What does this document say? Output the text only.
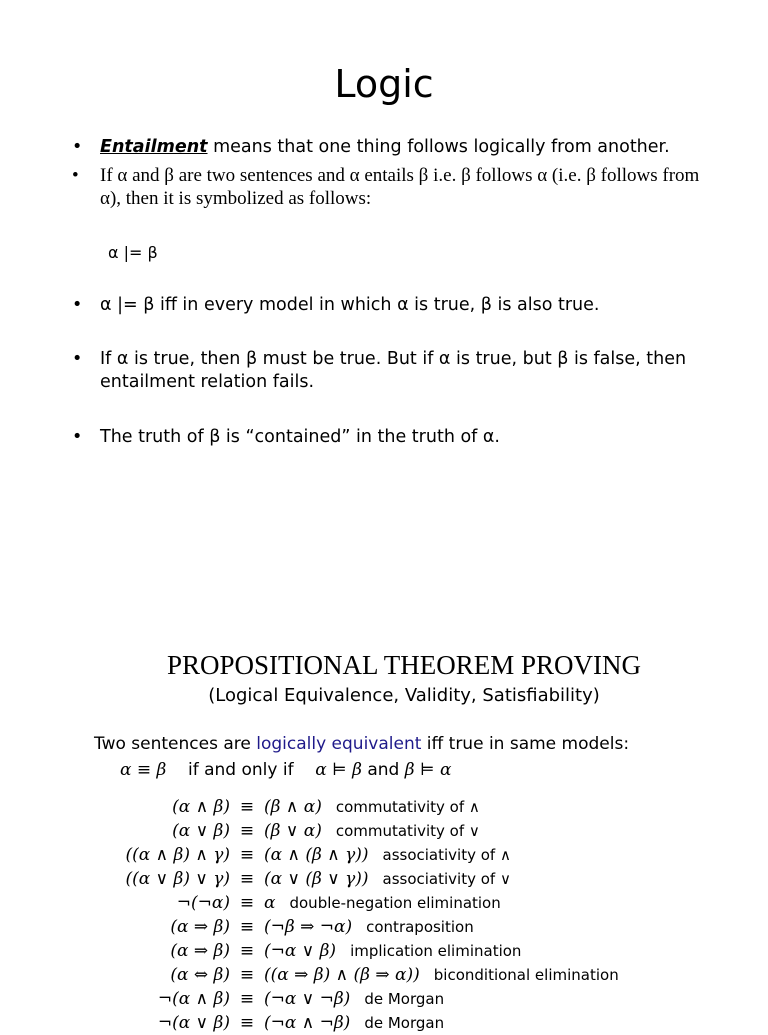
Logic
• Entailment means that one thing follows logically from another.
• If α and β are two sentences and α entails β i.e. β follows α (i.e. β follows from α), then it is symbolized as follows:
• α |= β iff in every model in which α is true, β is also true.
• If α is true, then β must be true. But if α is true, but β is false, then entailment relation fails.
• The truth of β is “contained” in the truth of α.
α |= β
PROPOSITIONAL THEOREM PROVING
(Logical Equivalence, Validity, Satisfiability)
Two sentences are logically equivalent iff true in same models:
α ≡ β if and only if α ⊨ β and β ⊨ α
(α ∧ β)	≡	(β ∧ α) commutativity of ∧
(α ∨ β)	≡	(β ∨ α) commutativity of ∨
((α ∧ β) ∧ γ)	≡	(α ∧ (β ∧ γ)) associativity of ∧
((α ∨ β) ∨ γ)	≡	(α ∨ (β ∨ γ)) associativity of ∨
¬(¬α)	≡	α double-negation elimination
(α ⇒ β)	≡	(¬β ⇒ ¬α) contraposition
(α ⇒ β)	≡	(¬α ∨ β) implication elimination
(α ⇔ β)	≡	((α ⇒ β) ∧ (β ⇒ α)) biconditional elimination
¬(α ∧ β)	≡	(¬α ∨ ¬β) de Morgan
¬(α ∨ β)	≡	(¬α ∧ ¬β) de Morgan
